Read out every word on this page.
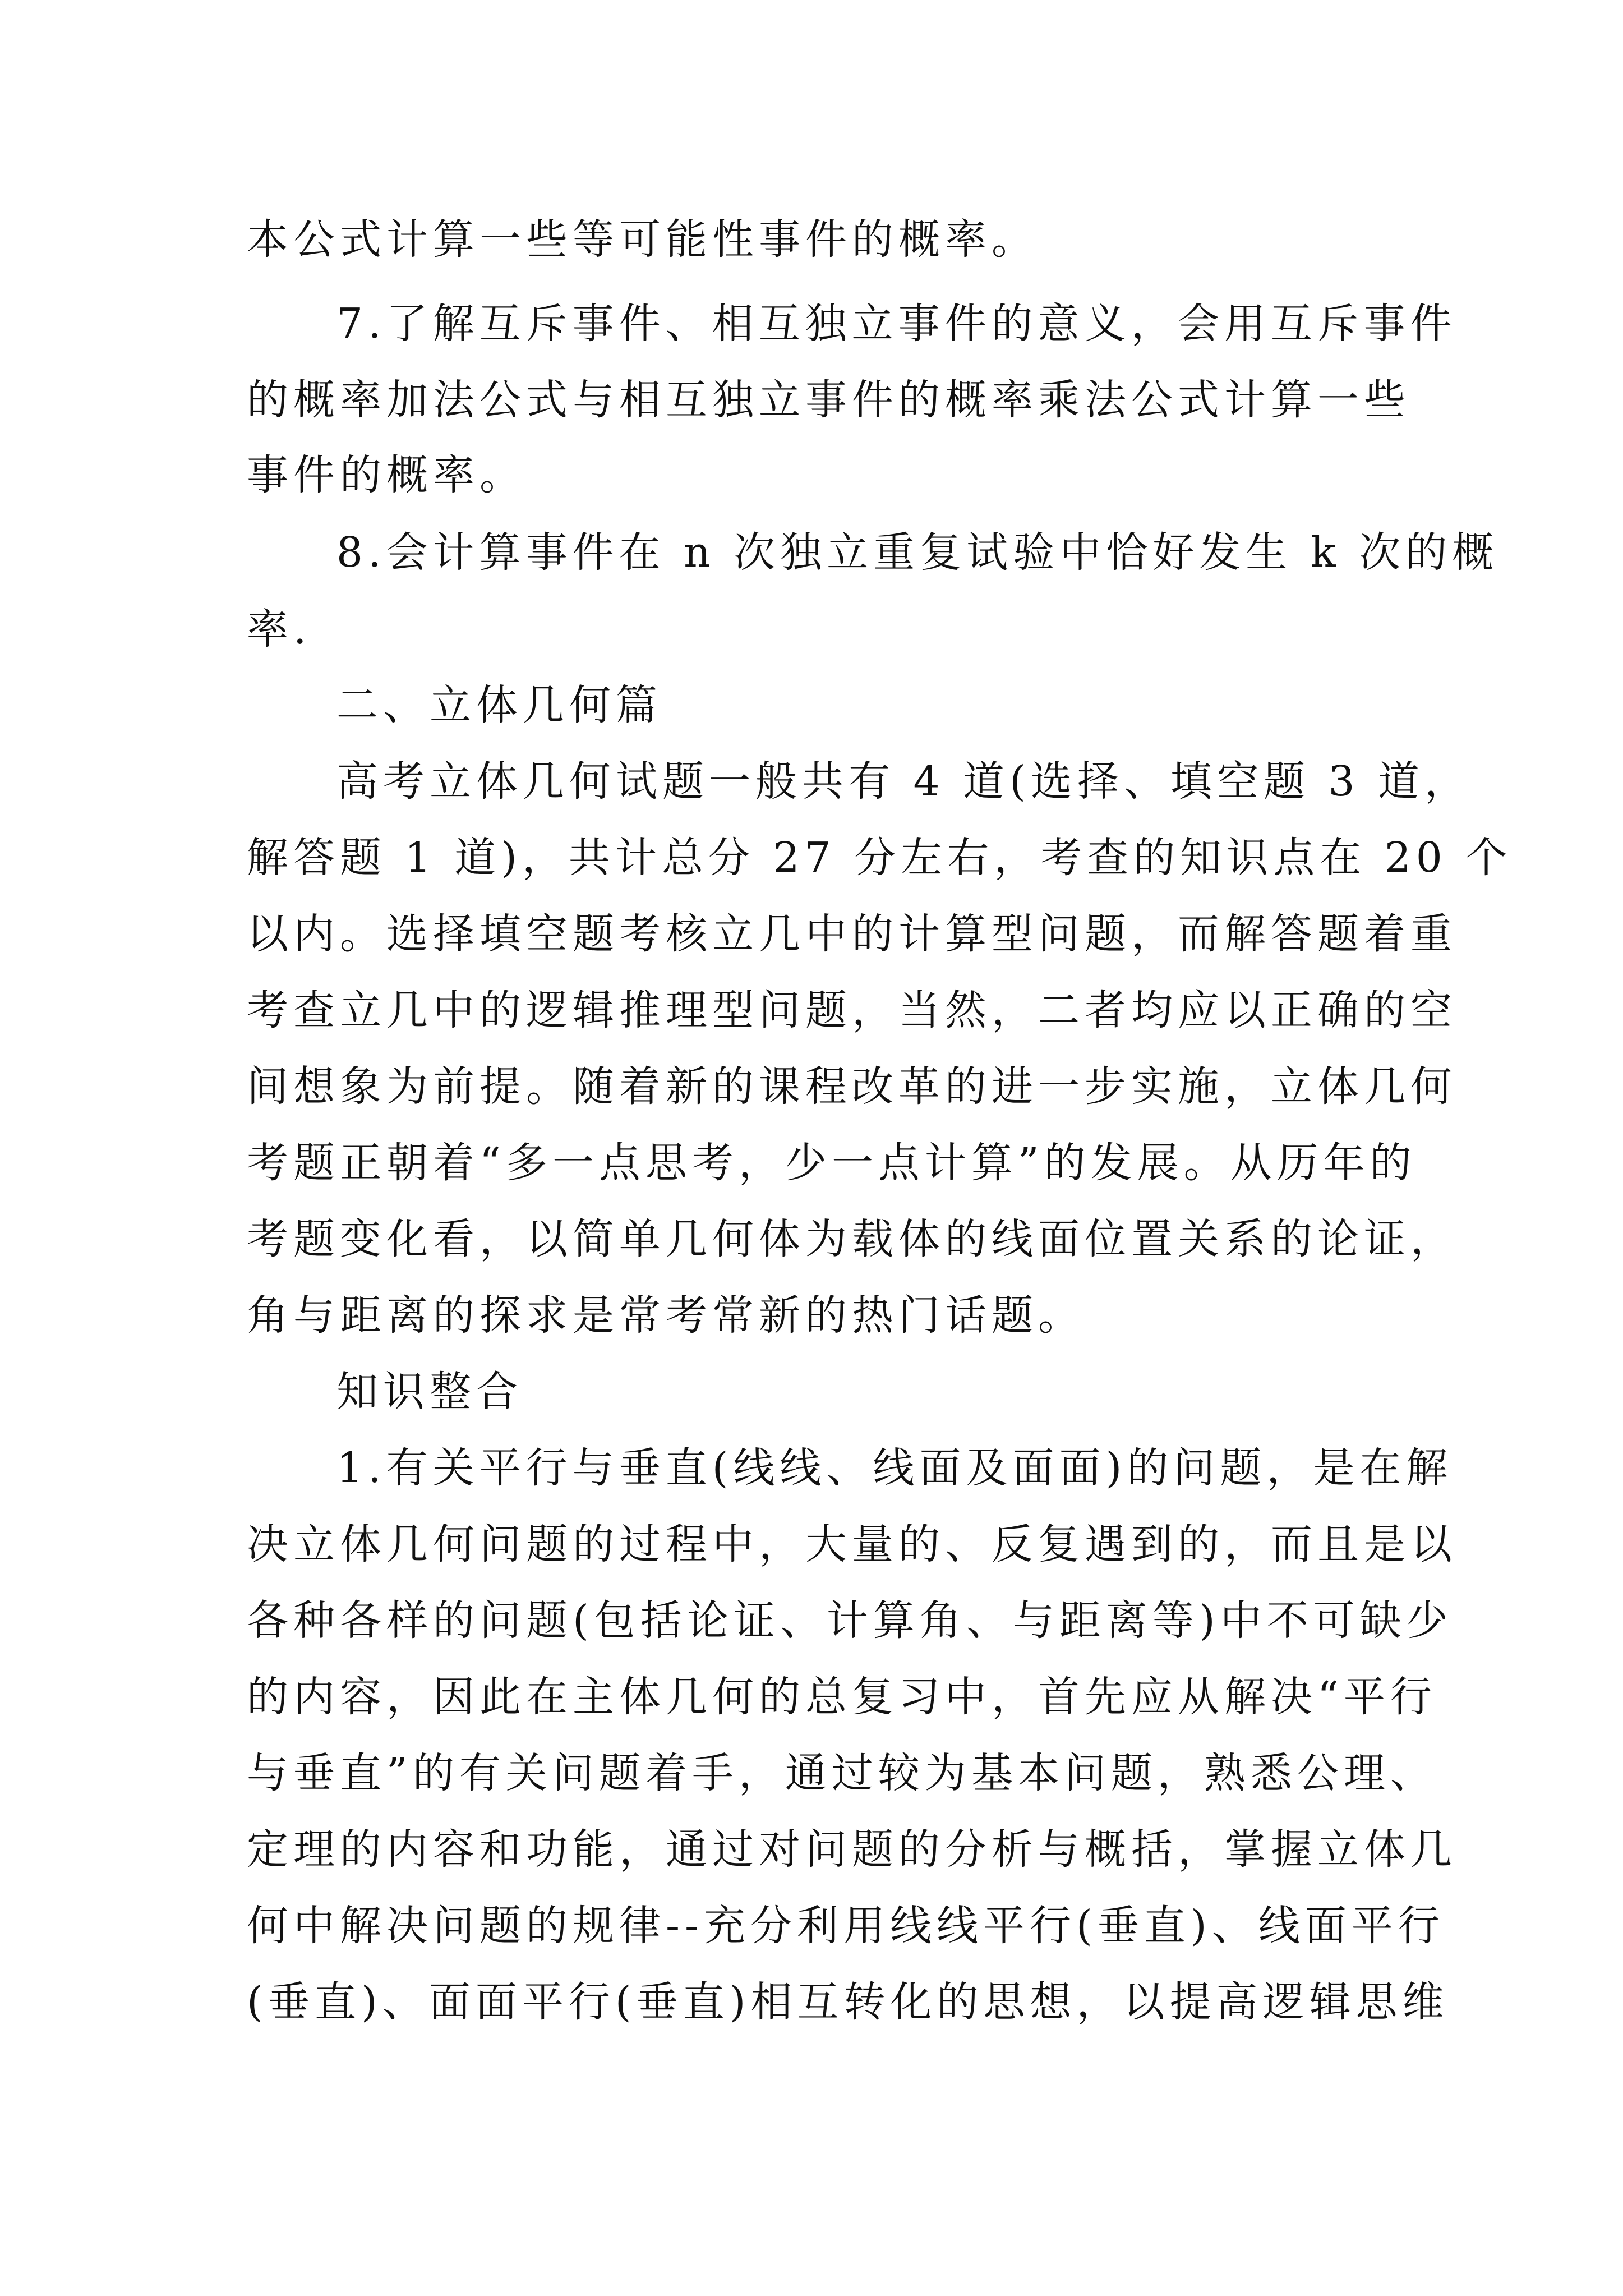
本公式计算一些等可能性事件的概率。
7.了解互斥事件、相互独立事件的意义，会用互斥事件
的概率加法公式与相互独立事件的概率乘法公式计算一些
事件的概率。
8.会计算事件在 n 次独立重复试验中恰好发生 k 次的概
率.
二、立体几何篇
高考立体几何试题一般共有 4 道(选择、填空题 3 道，
解答题 1 道)，共计总分 27 分左右，考查的知识点在 20 个
以内。选择填空题考核立几中的计算型问题，而解答题着重
考查立几中的逻辑推理型问题，当然，二者均应以正确的空
间想象为前提。随着新的课程改革的进一步实施，立体几何
考题正朝着“多一点思考，少一点计算”的发展。从历年的
考题变化看，以简单几何体为载体的线面位置关系的论证，
角与距离的探求是常考常新的热门话题。
知识整合
1.有关平行与垂直(线线、线面及面面)的问题，是在解
决立体几何问题的过程中，大量的、反复遇到的，而且是以
各种各样的问题(包括论证、计算角、与距离等)中不可缺少
的内容，因此在主体几何的总复习中，首先应从解决“平行
与垂直”的有关问题着手，通过较为基本问题，熟悉公理、
定理的内容和功能，通过对问题的分析与概括，掌握立体几
何中解决问题的规律--充分利用线线平行(垂直)、线面平行
(垂直)、面面平行(垂直)相互转化的思想，以提高逻辑思维
